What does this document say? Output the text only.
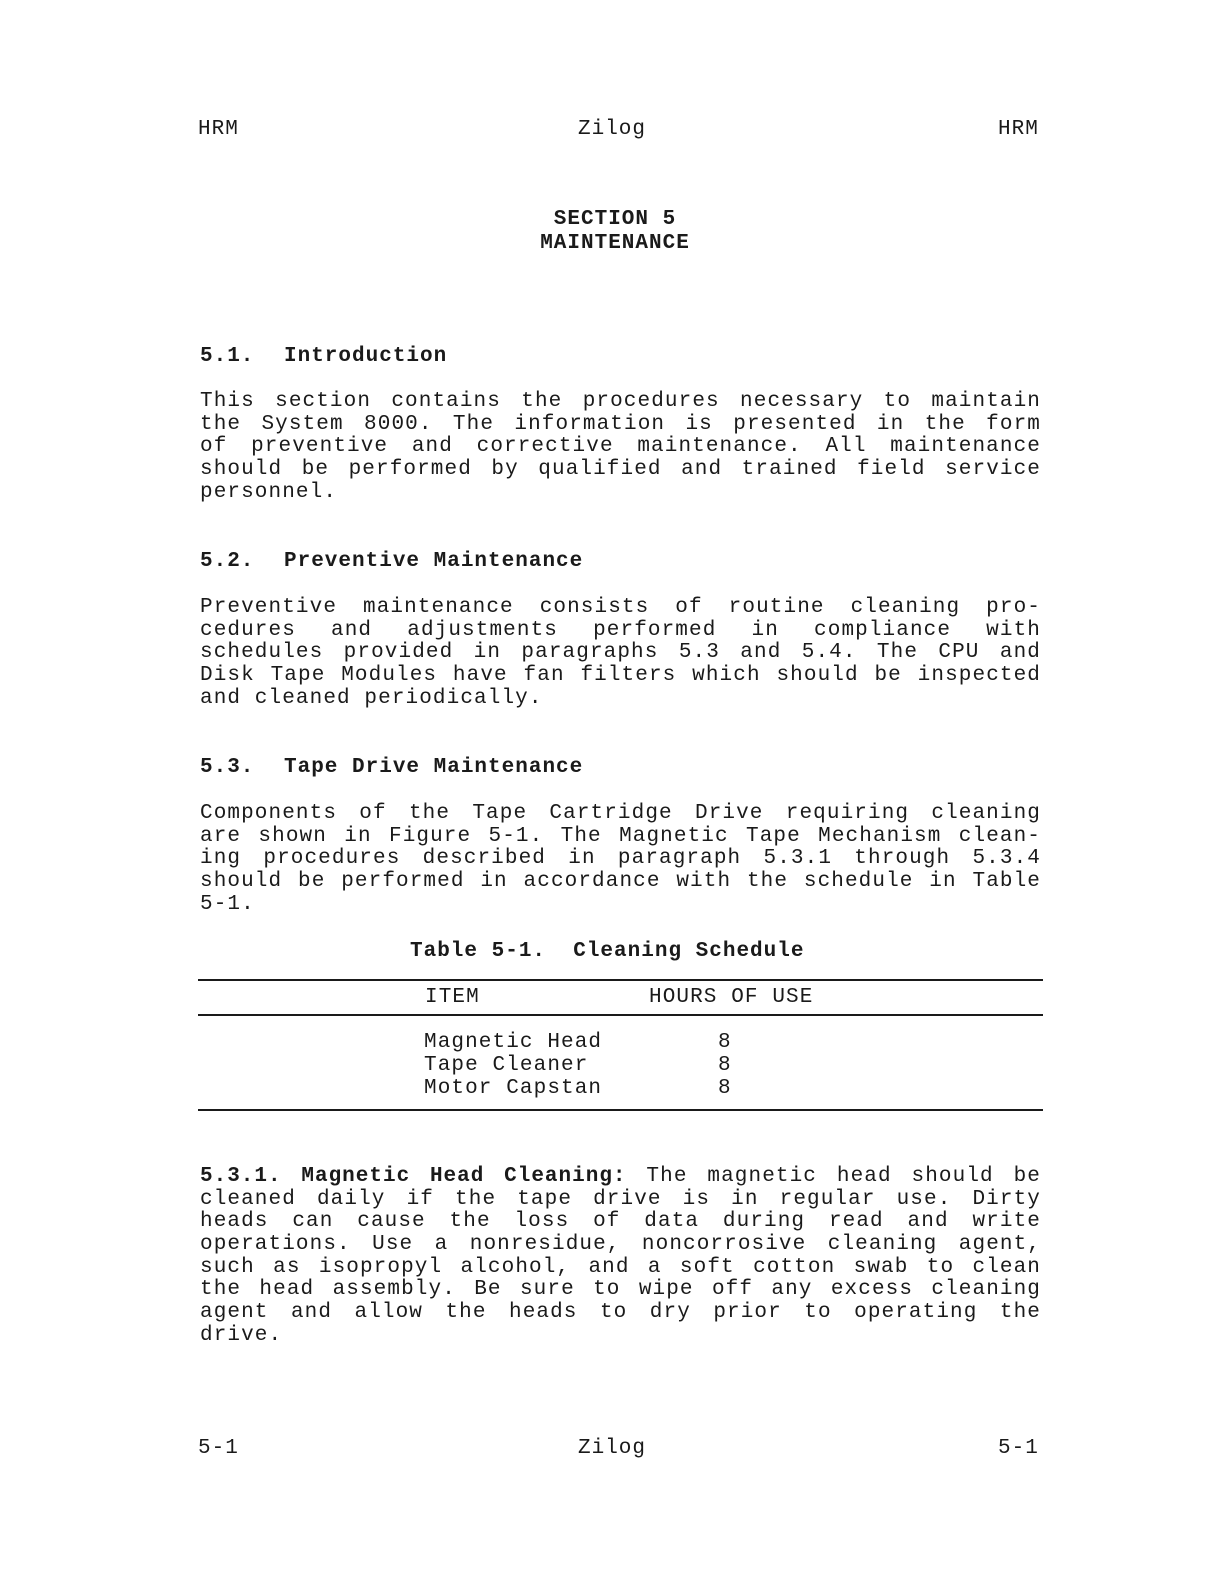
HRM	Zilog	HRM
SECTION 5
MAINTENANCE
5.1. Introduction
This section contains the procedures necessary to maintain
the System 8000. The information is presented in the form
of preventive and corrective maintenance. All maintenance
should be performed by qualified and trained field service
personnel.
5.2. Preventive Maintenance
Preventive maintenance consists of routine cleaning pro-
cedures and adjustments performed in compliance with
schedules provided in paragraphs 5.3 and 5.4. The CPU and
Disk Tape Modules have fan filters which should be inspected
and cleaned periodically.
5.3. Tape Drive Maintenance
Components of the Tape Cartridge Drive requiring cleaning
are shown in Figure 5-1. The Magnetic Tape Mechanism clean-
ing procedures described in paragraph 5.3.1 through 5.3.4
should be performed in accordance with the schedule in Table
5-1.
Table 5-1.  Cleaning Schedule
ITEM	HOURS OF USE
Magnetic Head	8
Tape Cleaner	8
Motor Capstan	8
5.3.1. Magnetic Head Cleaning: The magnetic head should be
cleaned daily if the tape drive is in regular use. Dirty
heads can cause the loss of data during read and write
operations. Use a nonresidue, noncorrosive cleaning agent,
such as isopropyl alcohol, and a soft cotton swab to clean
the head assembly. Be sure to wipe off any excess cleaning
agent and allow the heads to dry prior to operating the
drive.
5-1	Zilog	5-1
